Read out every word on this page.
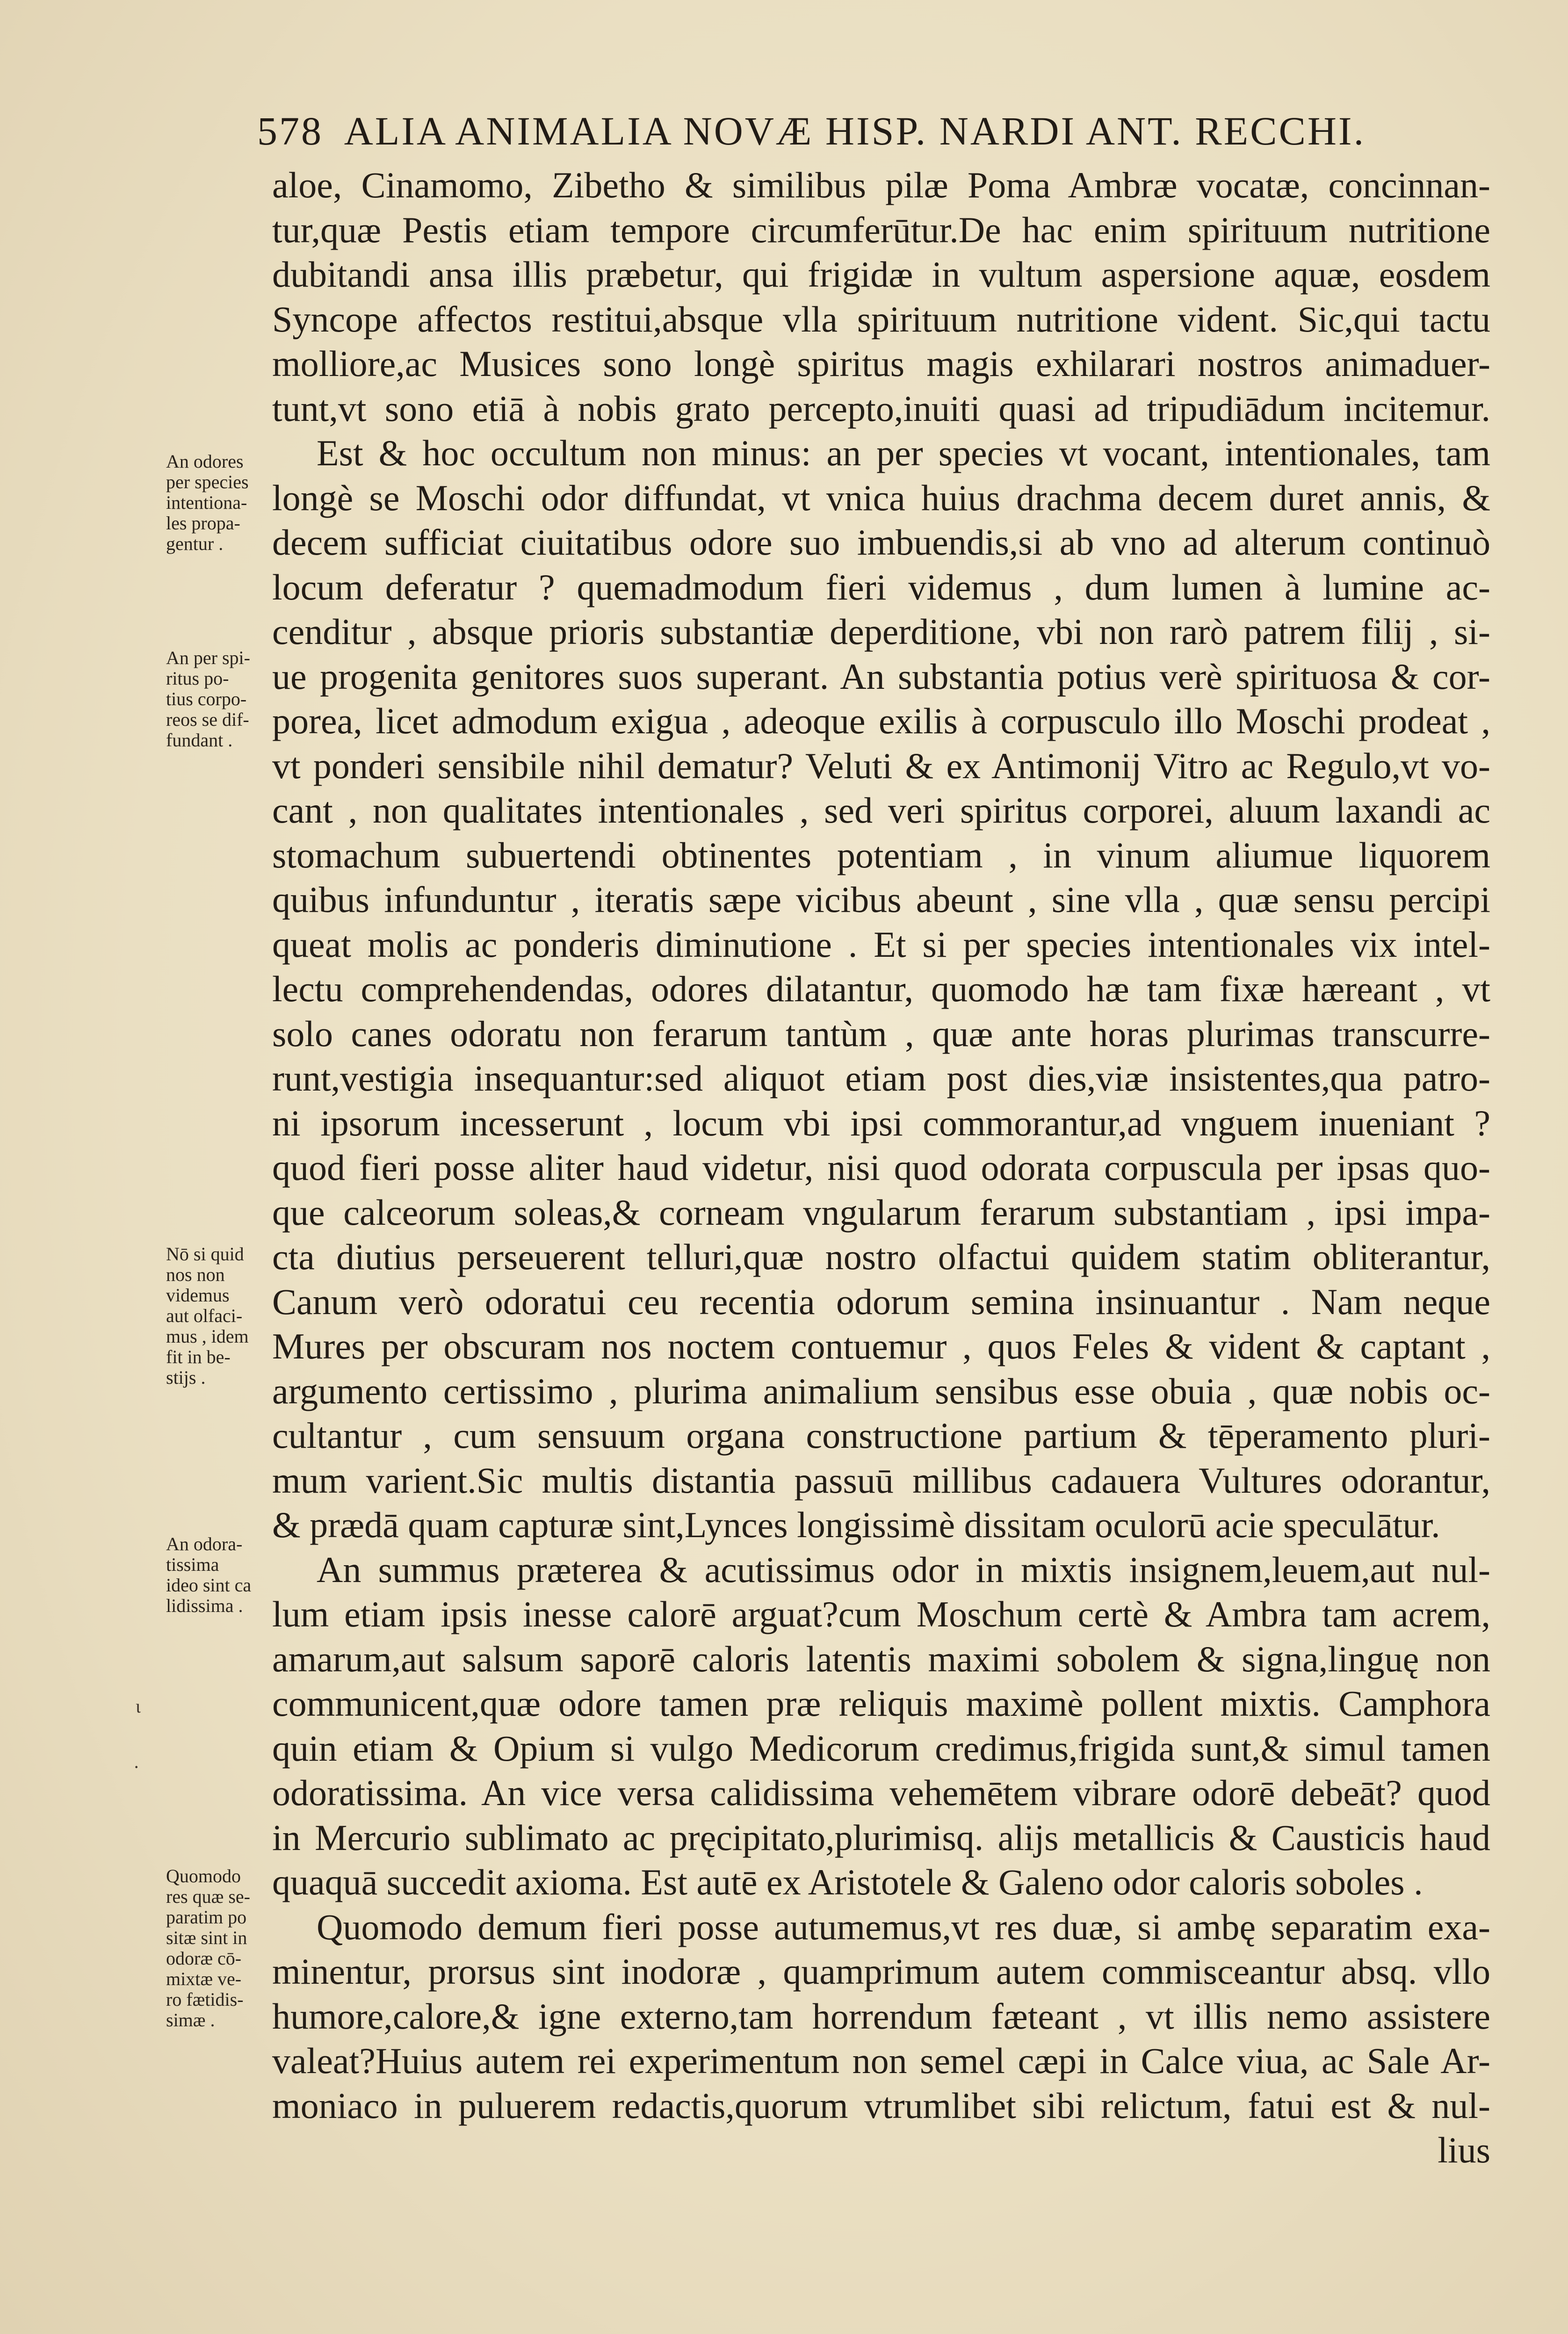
578 ALIA ANIMALIA NOVÆ HISP. NARDI ANT. RECCHI.
aloe, Cinamomo, Zibetho & similibus pilæ Poma Ambræ vocatæ, concinnan-
tur,quæ Pestis etiam tempore circumferūtur.De hac enim spirituum nutritione
dubitandi ansa illis præbetur, qui frigidæ in vultum aspersione aquæ, eosdem
Syncope affectos restitui,absque vlla spirituum nutritione vident. Sic,qui tactu
molliore,ac Musices sono longè spiritus magis exhilarari nostros animaduer-
tunt,vt sono etiā à nobis grato percepto,inuiti quasi ad tripudiādum incitemur.
Est & hoc occultum non minus: an per species vt vocant, intentionales, tam
longè se Moschi odor diffundat, vt vnica huius drachma decem duret annis, &
decem sufficiat ciuitatibus odore suo imbuendis,si ab vno ad alterum continuò
locum deferatur ? quemadmodum fieri videmus , dum lumen à lumine ac-
cenditur , absque prioris substantiæ deperditione, vbi non rarò patrem filij , si-
ue progenita genitores suos superant. An substantia potius verè spirituosa & cor-
porea, licet admodum exigua , adeoque exilis à corpusculo illo Moschi prodeat ,
vt ponderi sensibile nihil dematur? Veluti & ex Antimonij Vitro ac Regulo,vt vo-
cant , non qualitates intentionales , sed veri spiritus corporei, aluum laxandi ac
stomachum subuertendi obtinentes potentiam , in vinum aliumue liquorem
quibus infunduntur , iteratis sæpe vicibus abeunt , sine vlla , quæ sensu percipi
queat molis ac ponderis diminutione . Et si per species intentionales vix intel-
lectu comprehendendas, odores dilatantur, quomodo hæ tam fixæ hæreant , vt
solo canes odoratu non ferarum tantùm , quæ ante horas plurimas transcurre-
runt,vestigia insequantur:sed aliquot etiam post dies,viæ insistentes,qua patro-
ni ipsorum incesserunt , locum vbi ipsi commorantur,ad vnguem inueniant ?
quod fieri posse aliter haud videtur, nisi quod odorata corpuscula per ipsas quo-
que calceorum soleas,& corneam vngularum ferarum substantiam , ipsi impa-
cta diutius perseuerent telluri,quæ nostro olfactui quidem statim obliterantur,
Canum verò odoratui ceu recentia odorum semina insinuantur . Nam neque
Mures per obscuram nos noctem contuemur , quos Feles & vident & captant ,
argumento certissimo , plurima animalium sensibus esse obuia , quæ nobis oc-
cultantur , cum sensuum organa constructione partium & tēperamento pluri-
mum varient.Sic multis distantia passuū millibus cadauera Vultures odorantur,
& prædā quam capturæ sint,Lynces longissimè dissitam oculorū acie speculātur.
An summus præterea & acutissimus odor in mixtis insignem,leuem,aut nul-
lum etiam ipsis inesse calorē arguat?cum Moschum certè & Ambra tam acrem,
amarum,aut salsum saporē caloris latentis maximi sobolem & signa,linguę non
communicent,quæ odore tamen præ reliquis maximè pollent mixtis. Camphora
quin etiam & Opium si vulgo Medicorum credimus,frigida sunt,& simul tamen
odoratissima. An vice versa calidissima vehemētem vibrare odorē debeāt? quod
in Mercurio sublimato ac pręcipitato,plurimisq. alijs metallicis & Causticis haud
quaquā succedit axioma. Est autē ex Aristotele & Galeno odor caloris soboles .
Quomodo demum fieri posse autumemus,vt res duæ, si ambę separatim exa-
minentur, prorsus sint inodoræ , quamprimum autem commisceantur absq. vllo
humore,calore,& igne externo,tam horrendum fæteant , vt illis nemo assistere
valeat?Huius autem rei experimentum non semel cæpi in Calce viua, ac Sale Ar-
moniaco in puluerem redactis,quorum vtrumlibet sibi relictum, fatui est & nul-
lius
An odores
per species
intentiona-
les propa-
gentur .
An per spi-
ritus po-
tius corpo-
reos se dif-
fundant .
Nō si quid
nos non
videmus
aut olfaci-
mus , idem
fit in be-
stijs .
An odora-
tissima
ideo sint ca
lidissima .
ɩ
·
Quomodo
res quæ se-
paratim po
sitæ sint in
odoræ cō-
mixtæ ve-
ro fætidis-
simæ .
